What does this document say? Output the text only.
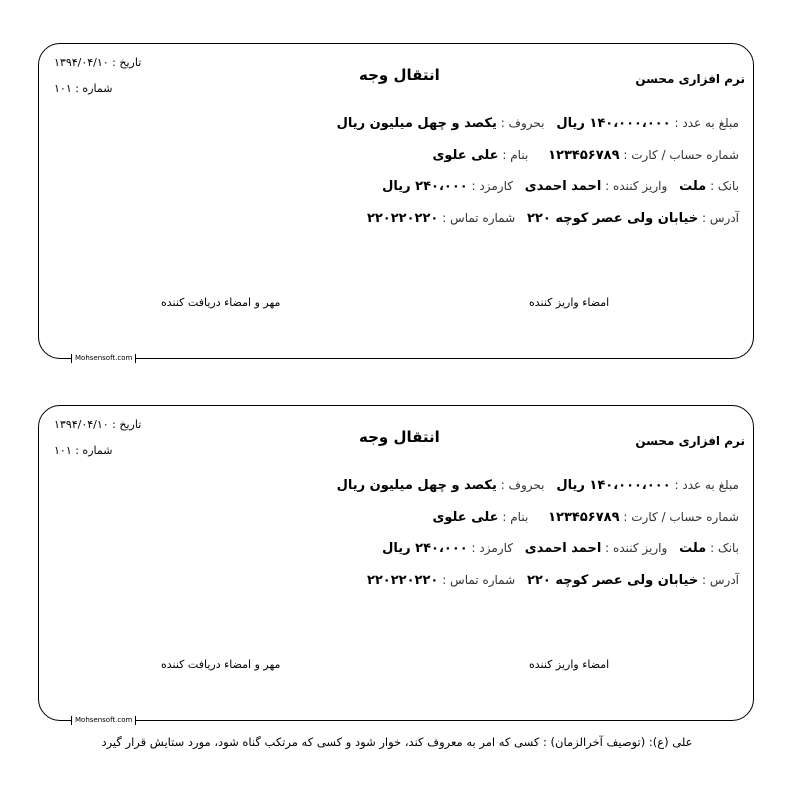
تاریخ : ۱۳۹۴/۰۴/۱۰
شماره : ۱۰۱
انتقال وجه	نرم افزاری محسن
مبلغ به عدد : ۱۴۰،۰۰۰،۰۰۰ ریال بحروف : یکصد و چهل میلیون ریال
شماره حساب / کارت : ۱۲۳۴۵۶۷۸۹ بنام : علی علوی
بانک : ملت واریز کننده : احمد احمدی کارمزد : ۲۴۰،۰۰۰ ریال
آدرس : خیابان ولی عصر کوچه ۲۲۰ شماره تماس : ۲۲۰۲۲۰۲۲۰
امضاء واریز کننده
مهر و امضاء دریافت کننده
Mohsensoft.com
تاریخ : ۱۳۹۴/۰۴/۱۰
شماره : ۱۰۱
انتقال وجه	نرم افزاری محسن
مبلغ به عدد : ۱۴۰،۰۰۰،۰۰۰ ریال بحروف : یکصد و چهل میلیون ریال
شماره حساب / کارت : ۱۲۳۴۵۶۷۸۹ بنام : علی علوی
بانک : ملت واریز کننده : احمد احمدی کارمزد : ۲۴۰،۰۰۰ ریال
آدرس : خیابان ولی عصر کوچه ۲۲۰ شماره تماس : ۲۲۰۲۲۰۲۲۰
امضاء واریز کننده
مهر و امضاء دریافت کننده
Mohsensoft.com
علی (ع): (توصیف آخرالزمان) : کسی که امر به معروف کند، خوار شود و کسی که مرتکب گناه شود، مورد ستایش قرار گیرد
